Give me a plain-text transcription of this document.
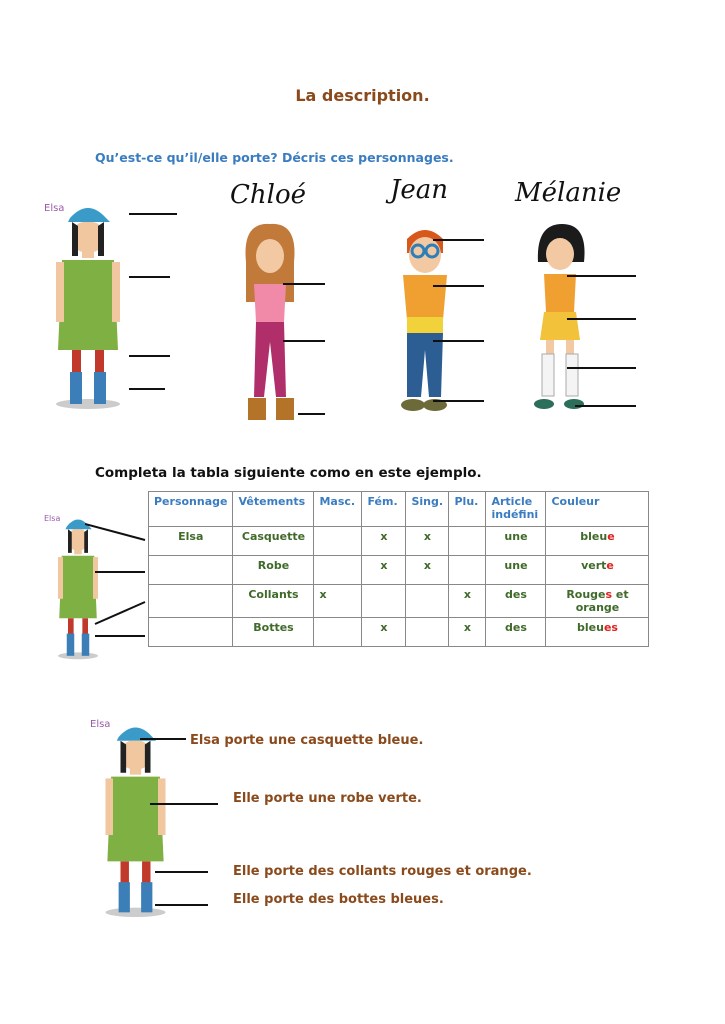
La description.
Qu’est-ce qu’il/elle porte? Décris ces personnages.
Elsa	Chloé	Jean	Mélanie
Completa la tabla siguiente como en este ejemplo.
Elsa
Personnage	Vêtements	Masc.	Fém.	Sing.	Plu.	Article indéfini	Couleur
Elsa	Casquette		x	x		une	bleue
	Robe		x	x		une	verte
	Collants	x			x	des	Rouges et orange
	Bottes		x		x	des	bleues
Elsa
Elsa porte une casquette bleue.
Elle porte une robe verte.
Elle porte des collants rouges et orange.
Elle porte des bottes bleues.
